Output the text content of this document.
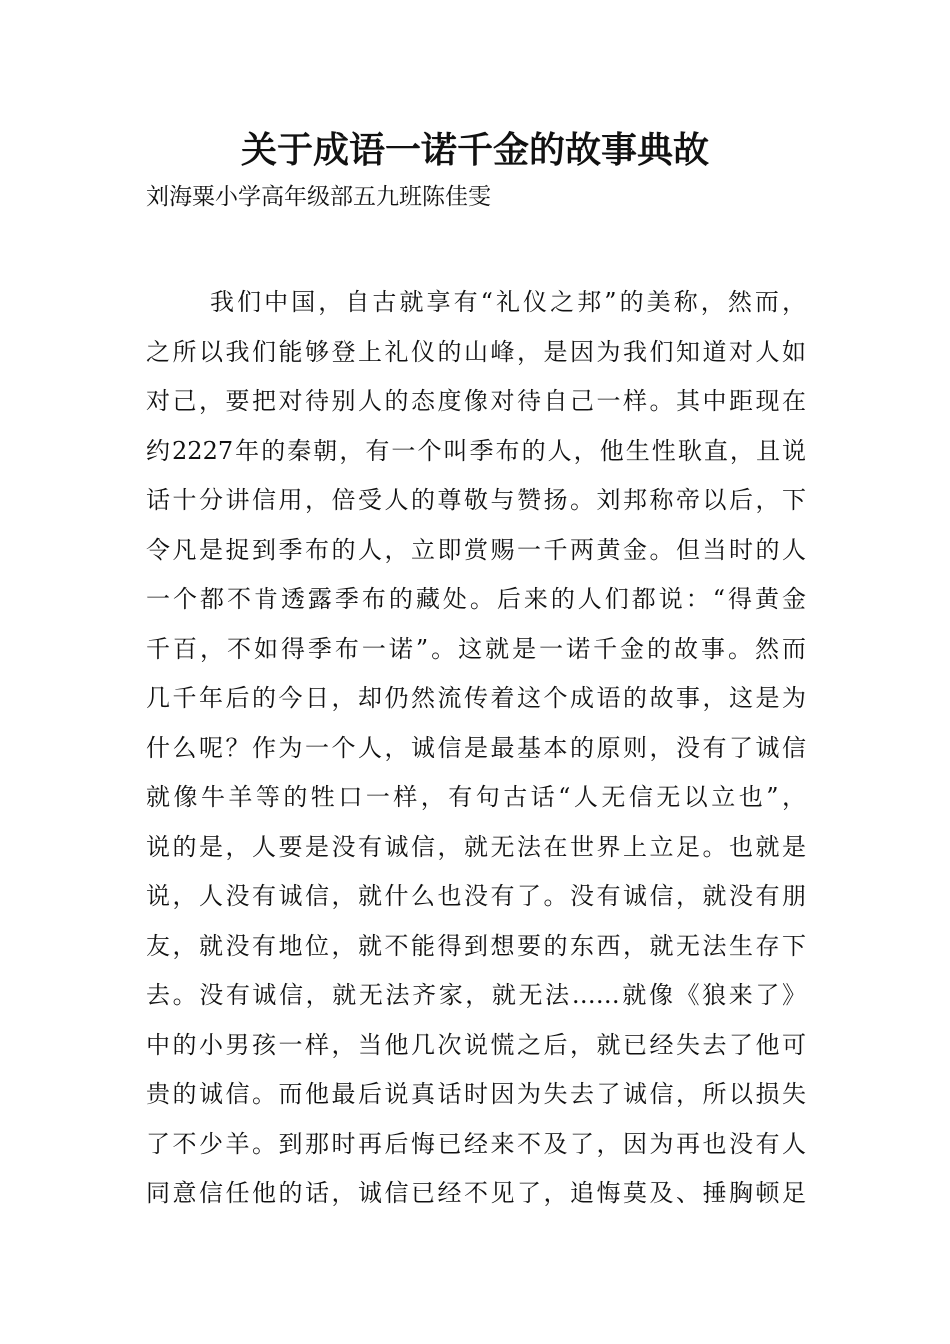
关于成语一诺千金的故事典故

刘海粟小学高年级部五九班陈佳雯

我们中国，自古就享有“礼仪之邦”的美称，然而，
之所以我们能够登上礼仪的山峰，是因为我们知道对人如
对己，要把对待别人的态度像对待自己一样。其中距现在
约2227年的秦朝，有一个叫季布的人，他生性耿直，且说
话十分讲信用，倍受人的尊敬与赞扬。刘邦称帝以后，下
令凡是捉到季布的人，立即赏赐一千两黄金。但当时的人
一个都不肯透露季布的藏处。后来的人们都说：“得黄金
千百，不如得季布一诺”。这就是一诺千金的故事。然而
几千年后的今日，却仍然流传着这个成语的故事，这是为
什么呢？作为一个人，诚信是最基本的原则，没有了诚信
就像牛羊等的牲口一样，有句古话“人无信无以立也”，
说的是，人要是没有诚信，就无法在世界上立足。也就是
说，人没有诚信，就什么也没有了。没有诚信，就没有朋
友，就没有地位，就不能得到想要的东西，就无法生存下
去。没有诚信，就无法齐家，就无法……就像《狼来了》
中的小男孩一样，当他几次说慌之后，就已经失去了他可
贵的诚信。而他最后说真话时因为失去了诚信，所以损失
了不少羊。到那时再后悔已经来不及了，因为再也没有人
同意信任他的话，诚信已经不见了，追悔莫及、捶胸顿足
